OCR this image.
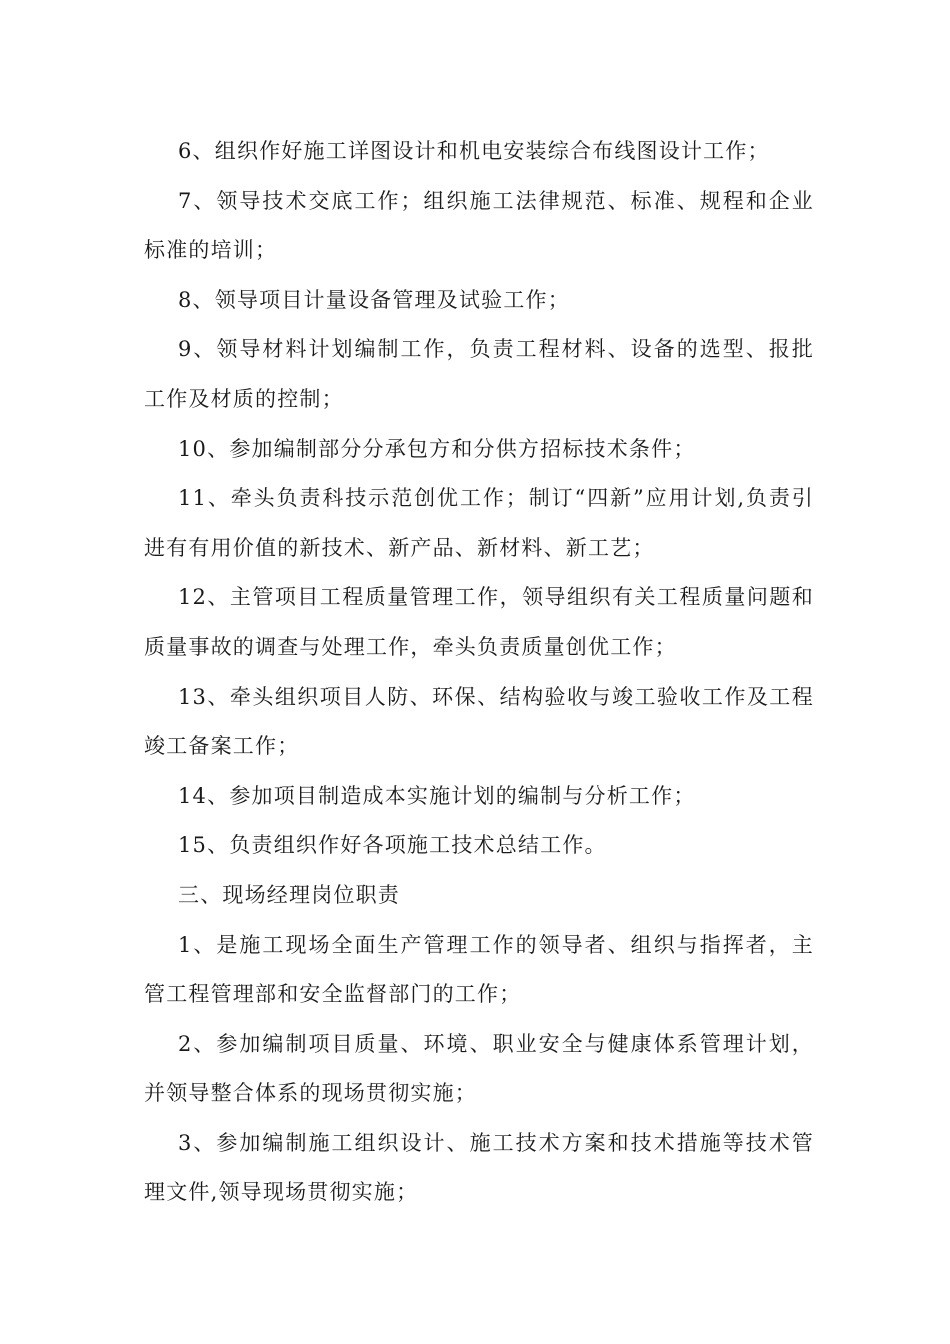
6、组织作好施工详图设计和机电安装综合布线图设计工作；

7、领导技术交底工作；组织施工法律规范、标准、规程和企业标准的培训；

8、领导项目计量设备管理及试验工作；

9、领导材料计划编制工作，负责工程材料、设备的选型、报批工作及材质的控制；

10、参加编制部分分承包方和分供方招标技术条件；

11、牵头负责科技示范创优工作；制订“四新”应用计划,负责引进有有用价值的新技术、新产品、新材料、新工艺；

12、主管项目工程质量管理工作，领导组织有关工程质量问题和质量事故的调查与处理工作，牵头负责质量创优工作；

13、牵头组织项目人防、环保、结构验收与竣工验收工作及工程竣工备案工作；

14、参加项目制造成本实施计划的编制与分析工作；

15、负责组织作好各项施工技术总结工作。

三、现场经理岗位职责

1、是施工现场全面生产管理工作的领导者、组织与指挥者，主管工程管理部和安全监督部门的工作；

2、参加编制项目质量、环境、职业安全与健康体系管理计划，并领导整合体系的现场贯彻实施；

3、参加编制施工组织设计、施工技术方案和技术措施等技术管理文件,领导现场贯彻实施；
